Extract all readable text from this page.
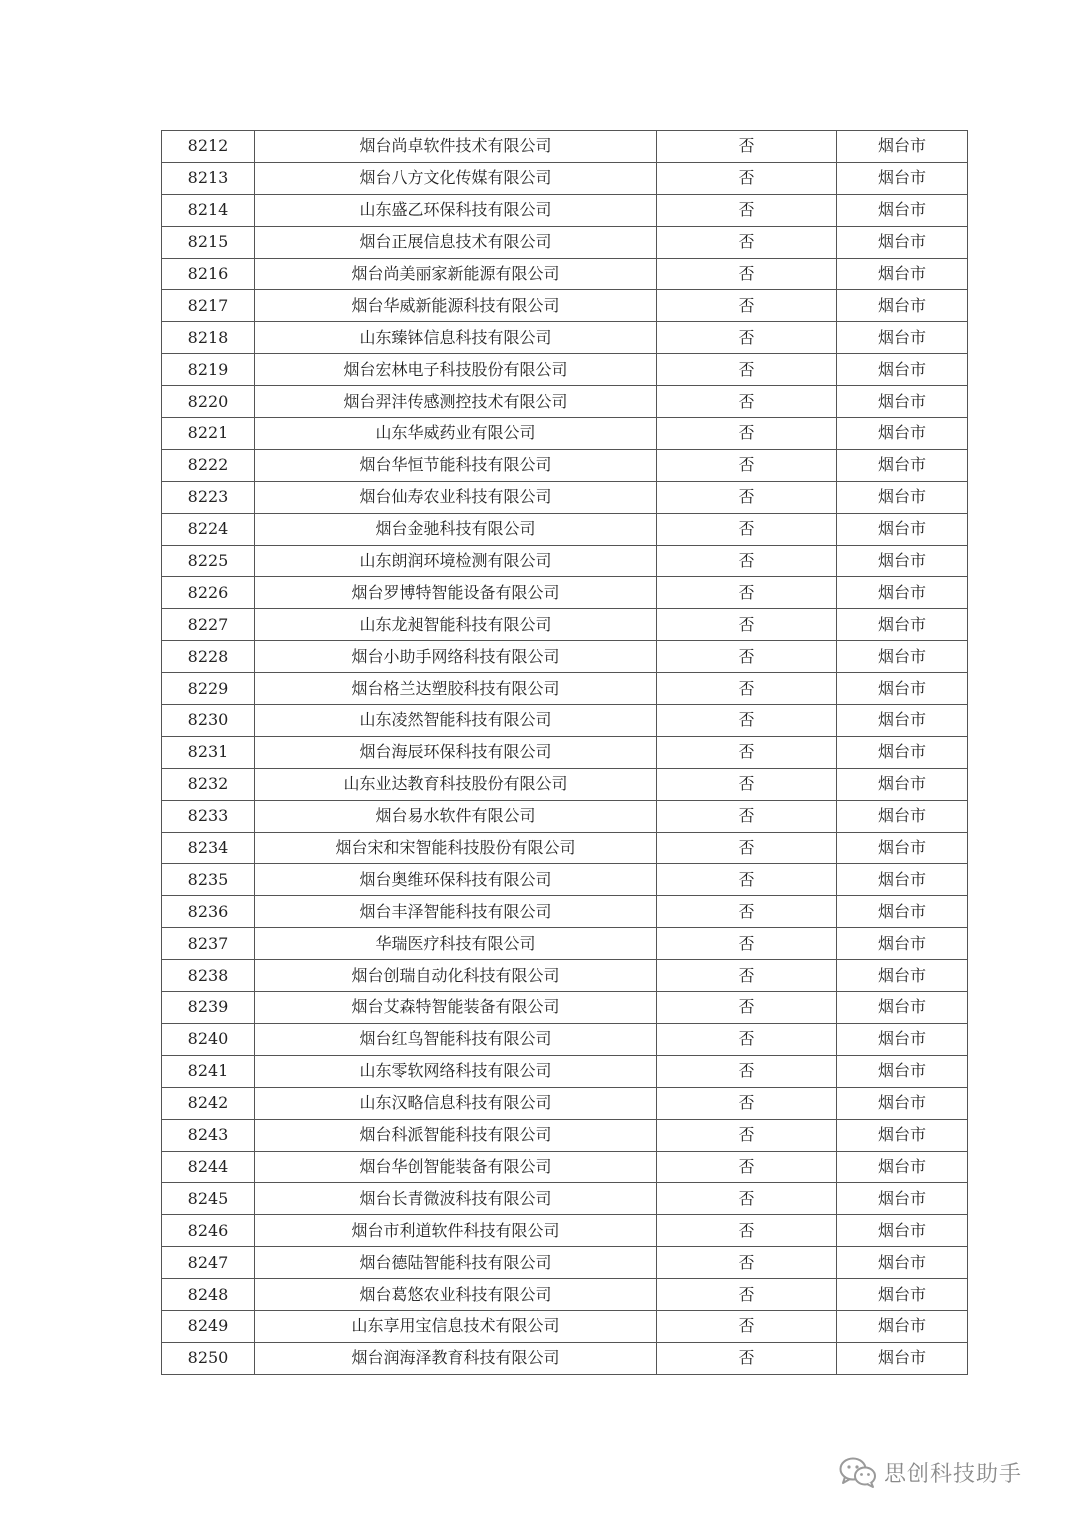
8212	烟台尚卓软件技术有限公司	否	烟台市
8213	烟台八方文化传媒有限公司	否	烟台市
8214	山东盛乙环保科技有限公司	否	烟台市
8215	烟台正展信息技术有限公司	否	烟台市
8216	烟台尚美丽家新能源有限公司	否	烟台市
8217	烟台华威新能源科技有限公司	否	烟台市
8218	山东臻钵信息科技有限公司	否	烟台市
8219	烟台宏林电子科技股份有限公司	否	烟台市
8220	烟台羿沣传感测控技术有限公司	否	烟台市
8221	山东华威药业有限公司	否	烟台市
8222	烟台华恒节能科技有限公司	否	烟台市
8223	烟台仙寿农业科技有限公司	否	烟台市
8224	烟台金驰科技有限公司	否	烟台市
8225	山东朗润环境检测有限公司	否	烟台市
8226	烟台罗博特智能设备有限公司	否	烟台市
8227	山东龙昶智能科技有限公司	否	烟台市
8228	烟台小助手网络科技有限公司	否	烟台市
8229	烟台格兰达塑胶科技有限公司	否	烟台市
8230	山东凌然智能科技有限公司	否	烟台市
8231	烟台海辰环保科技有限公司	否	烟台市
8232	山东业达教育科技股份有限公司	否	烟台市
8233	烟台易水软件有限公司	否	烟台市
8234	烟台宋和宋智能科技股份有限公司	否	烟台市
8235	烟台奥维环保科技有限公司	否	烟台市
8236	烟台丰泽智能科技有限公司	否	烟台市
8237	华瑞医疗科技有限公司	否	烟台市
8238	烟台创瑞自动化科技有限公司	否	烟台市
8239	烟台艾森特智能装备有限公司	否	烟台市
8240	烟台红鸟智能科技有限公司	否	烟台市
8241	山东零软网络科技有限公司	否	烟台市
8242	山东汉略信息科技有限公司	否	烟台市
8243	烟台科派智能科技有限公司	否	烟台市
8244	烟台华创智能装备有限公司	否	烟台市
8245	烟台长青微波科技有限公司	否	烟台市
8246	烟台市利道软件科技有限公司	否	烟台市
8247	烟台德陆智能科技有限公司	否	烟台市
8248	烟台葛悠农业科技有限公司	否	烟台市
8249	山东享用宝信息技术有限公司	否	烟台市
8250	烟台润海泽教育科技有限公司	否	烟台市
思创科技助手
